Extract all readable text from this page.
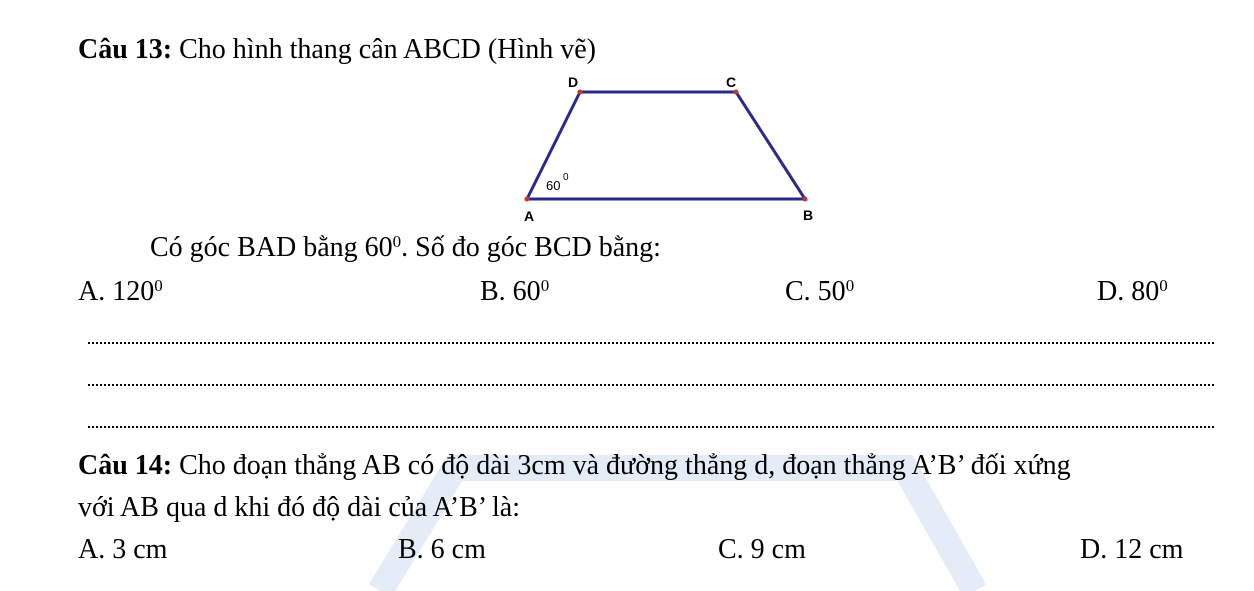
Câu 13: Cho hình thang cân ABCD (Hình vẽ)
D	C
A	B
60
0
Có góc BAD bằng $60^0$. Số đo góc BCD bằng:
A. $120^0$	B. $60^0$	C. $50^0$	D. $80^0$
Câu 14: Cho đoạn thẳng AB có độ dài 3cm và đường thẳng d, đoạn thẳng A’B’ đối xứng
với AB qua d khi đó độ dài của A’B’ là:
A. 3 cm	B. 6 cm	C. 9 cm	D. 12 cm
